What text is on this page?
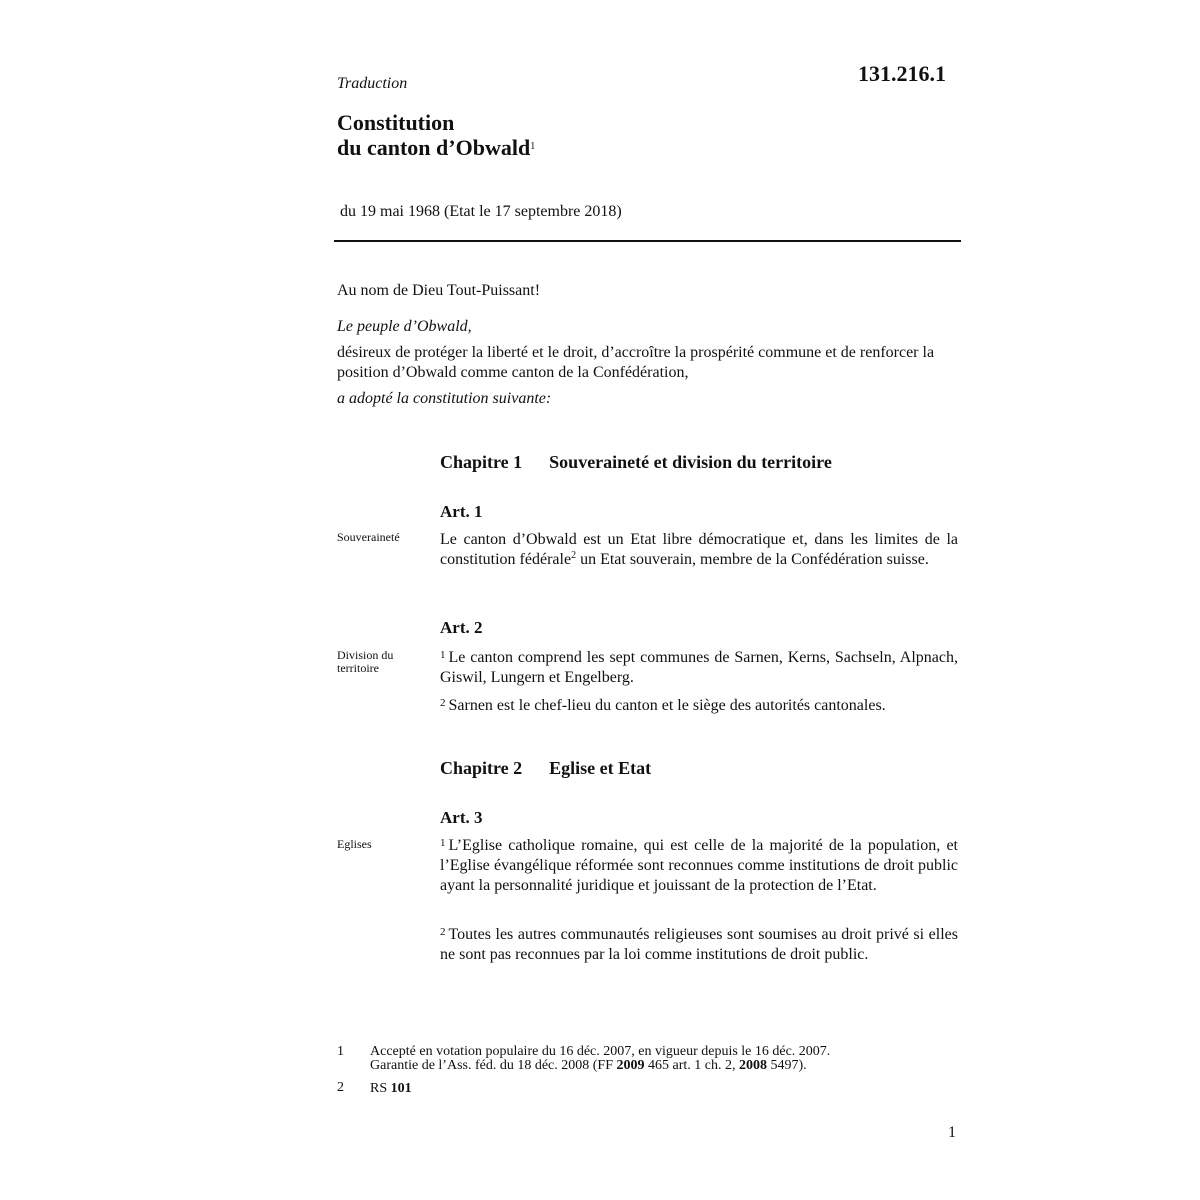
Traduction	131.216.1
Constitution
du canton d’Obwald$^1$
du 19 mai 1968 (Etat le 17 septembre 2018)
Au nom de Dieu Tout-Puissant!
Le peuple d’Obwald,
désireux de protéger la liberté et le droit, d’accroître la prospérité commune et de renforcer la position d’Obwald comme canton de la Confédération,
a adopté la constitution suivante:
Chapitre 1 Souveraineté et division du territoire
Art. 1
Souveraineté	Le canton d’Obwald est un Etat libre démocratique et, dans les limites de la constitution fédérale$^2$ un Etat souverain, membre de la Confédération suisse.
Art. 2
Division du territoire
$^1$ Le canton comprend les sept communes de Sarnen, Kerns, Sachseln, Alpnach, Giswil, Lungern et Engelberg.
$^2$ Sarnen est le chef-lieu du canton et le siège des autorités cantonales.
Chapitre 2 Eglise et Etat
Art. 3
Eglises	$^1$ L’Eglise catholique romaine, qui est celle de la majorité de la population, et l’Eglise évangélique réformée sont reconnues comme institutions de droit public ayant la personnalité juridique et jouissant de la protection de l’Etat.
$^2$ Toutes les autres communautés religieuses sont soumises au droit privé si elles ne sont pas reconnues par la loi comme institutions de droit public.
1 Accepté en votation populaire du 16 déc. 2007, en vigueur depuis le 16 déc. 2007.
Garantie de l’Ass. féd. du 18 déc. 2008 (FF 2009 465 art. 1 ch. 2, 2008 5497).
2 RS 101
1
